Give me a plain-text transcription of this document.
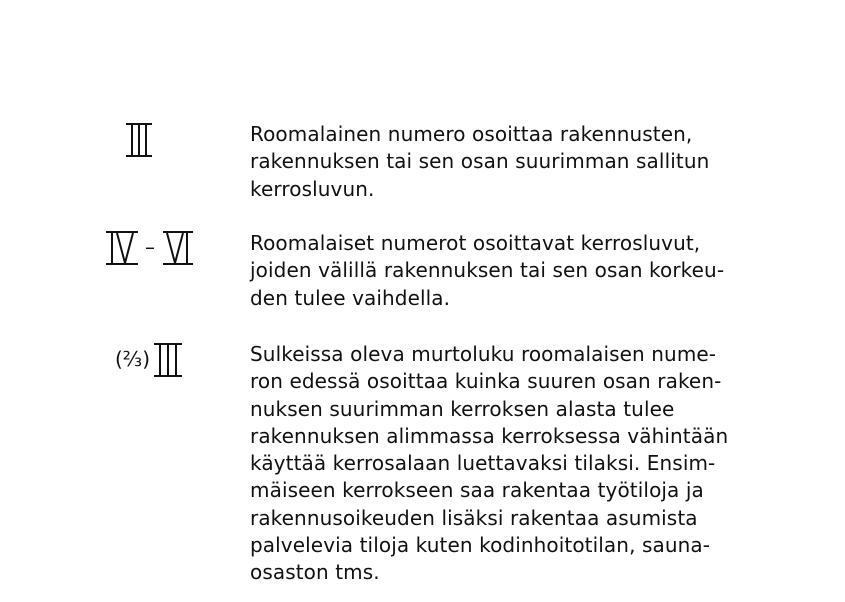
Roomalainen numero osoittaa rakennusten,
rakennuksen tai sen osan suurimman sallitun
kerrosluvun.

–	Roomalaiset numerot osoittavat kerrosluvut,
joiden välillä rakennuksen tai sen osan korkeu-
den tulee vaihdella.

(⅔)	Sulkeissa oleva murtoluku roomalaisen nume-
ron edessä osoittaa kuinka suuren osan raken-
nuksen suurimman kerroksen alasta tulee
rakennuksen alimmassa kerroksessa vähintään
käyttää kerrosalaan luettavaksi tilaksi. Ensim-
mäiseen kerrokseen saa rakentaa työtiloja ja
rakennusoikeuden lisäksi rakentaa asumista
palvelevia tiloja kuten kodinhoitotilan, sauna-
osaston tms.
